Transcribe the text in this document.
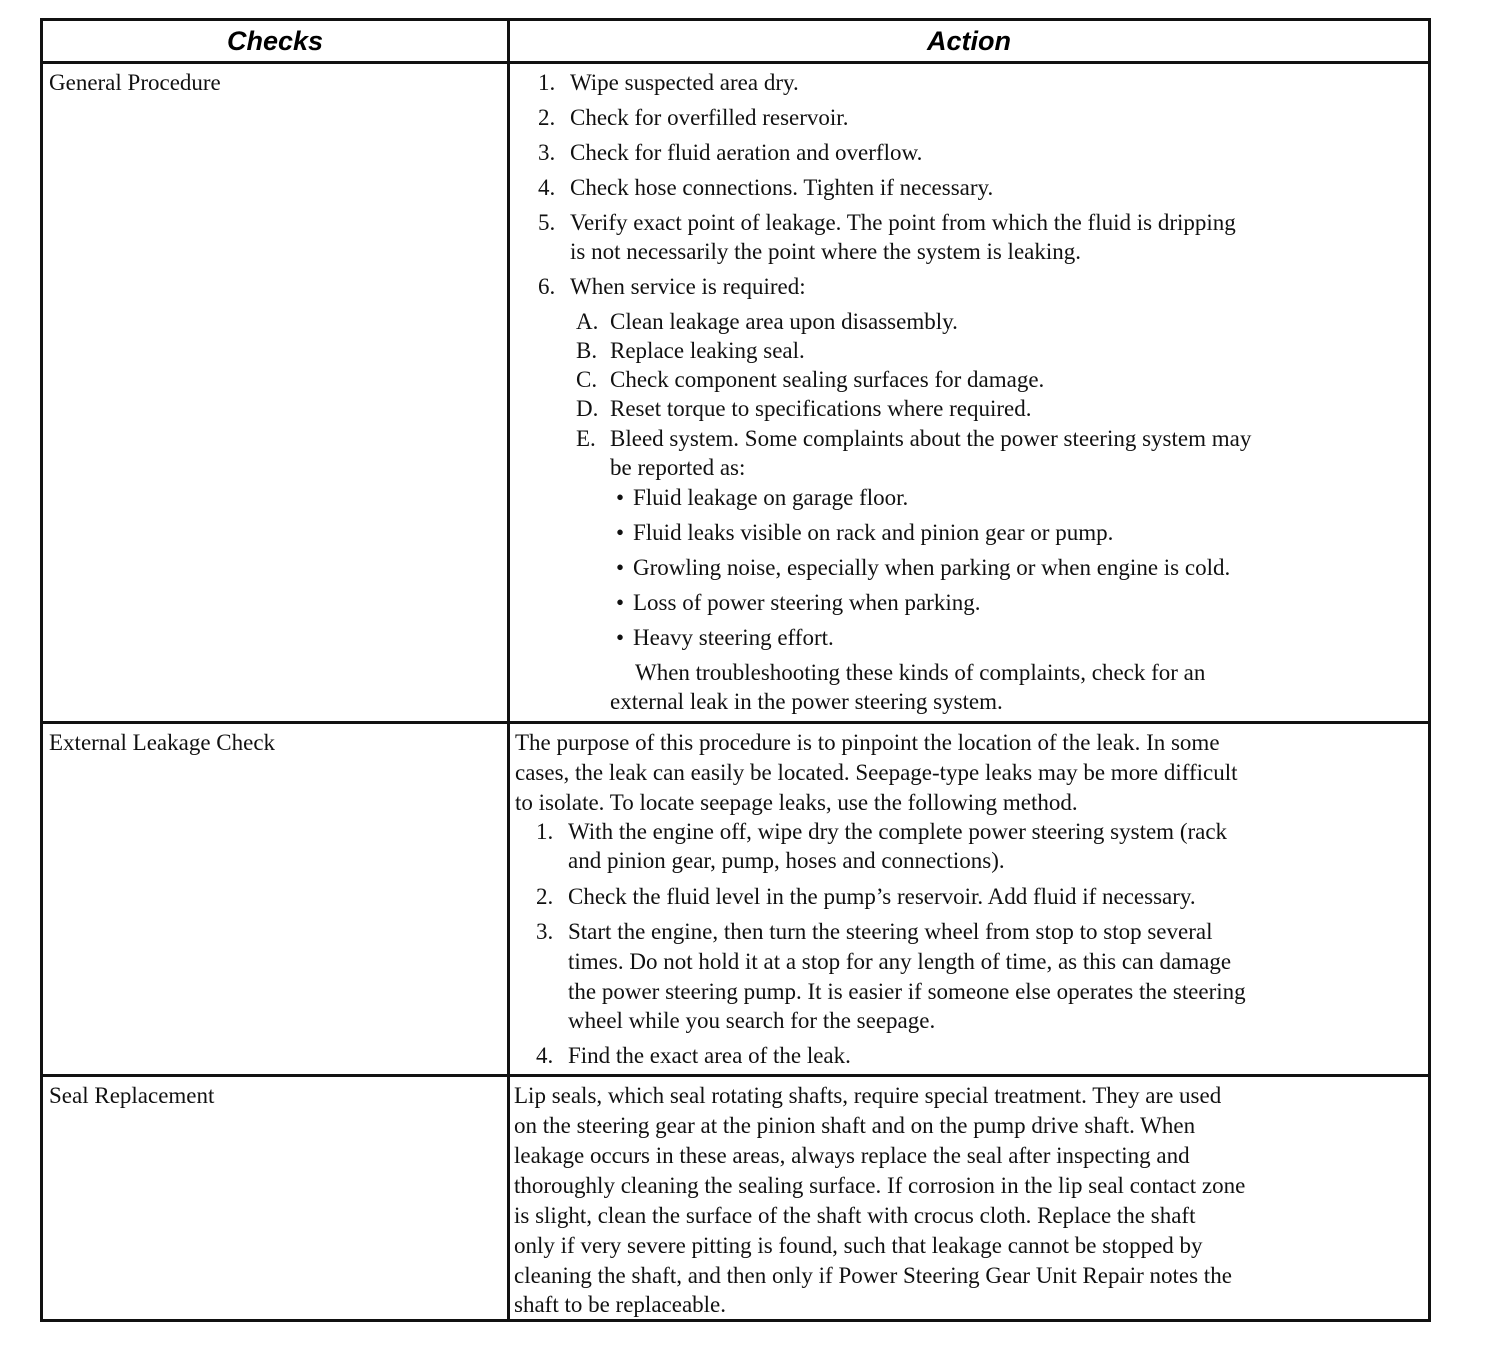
Checks	Action
General Procedure	1. Wipe suspected area dry.
2. Check for overfilled reservoir.
3. Check for fluid aeration and overflow.
4. Check hose connections. Tighten if necessary.
5. Verify exact point of leakage. The point from which the fluid is dripping
is not necessarily the point where the system is leaking.
6. When service is required:
A. Clean leakage area upon disassembly.
B. Replace leaking seal.
C. Check component sealing surfaces for damage.
D. Reset torque to specifications where required.
E. Bleed system. Some complaints about the power steering system may
be reported as:
• Fluid leakage on garage floor.
• Fluid leaks visible on rack and pinion gear or pump.
• Growling noise, especially when parking or when engine is cold.
• Loss of power steering when parking.
• Heavy steering effort.
When troubleshooting these kinds of complaints, check for an
external leak in the power steering system.
External Leakage Check	The purpose of this procedure is to pinpoint the location of the leak. In some
cases, the leak can easily be located. Seepage-type leaks may be more difficult
to isolate. To locate seepage leaks, use the following method.
1. With the engine off, wipe dry the complete power steering system (rack
and pinion gear, pump, hoses and connections).
2. Check the fluid level in the pump’s reservoir. Add fluid if necessary.
3. Start the engine, then turn the steering wheel from stop to stop several
times. Do not hold it at a stop for any length of time, as this can damage
the power steering pump. It is easier if someone else operates the steering
wheel while you search for the seepage.
4. Find the exact area of the leak.
Seal Replacement	Lip seals, which seal rotating shafts, require special treatment. They are used
on the steering gear at the pinion shaft and on the pump drive shaft. When
leakage occurs in these areas, always replace the seal after inspecting and
thoroughly cleaning the sealing surface. If corrosion in the lip seal contact zone
is slight, clean the surface of the shaft with crocus cloth. Replace the shaft
only if very severe pitting is found, such that leakage cannot be stopped by
cleaning the shaft, and then only if Power Steering Gear Unit Repair notes the
shaft to be replaceable.
